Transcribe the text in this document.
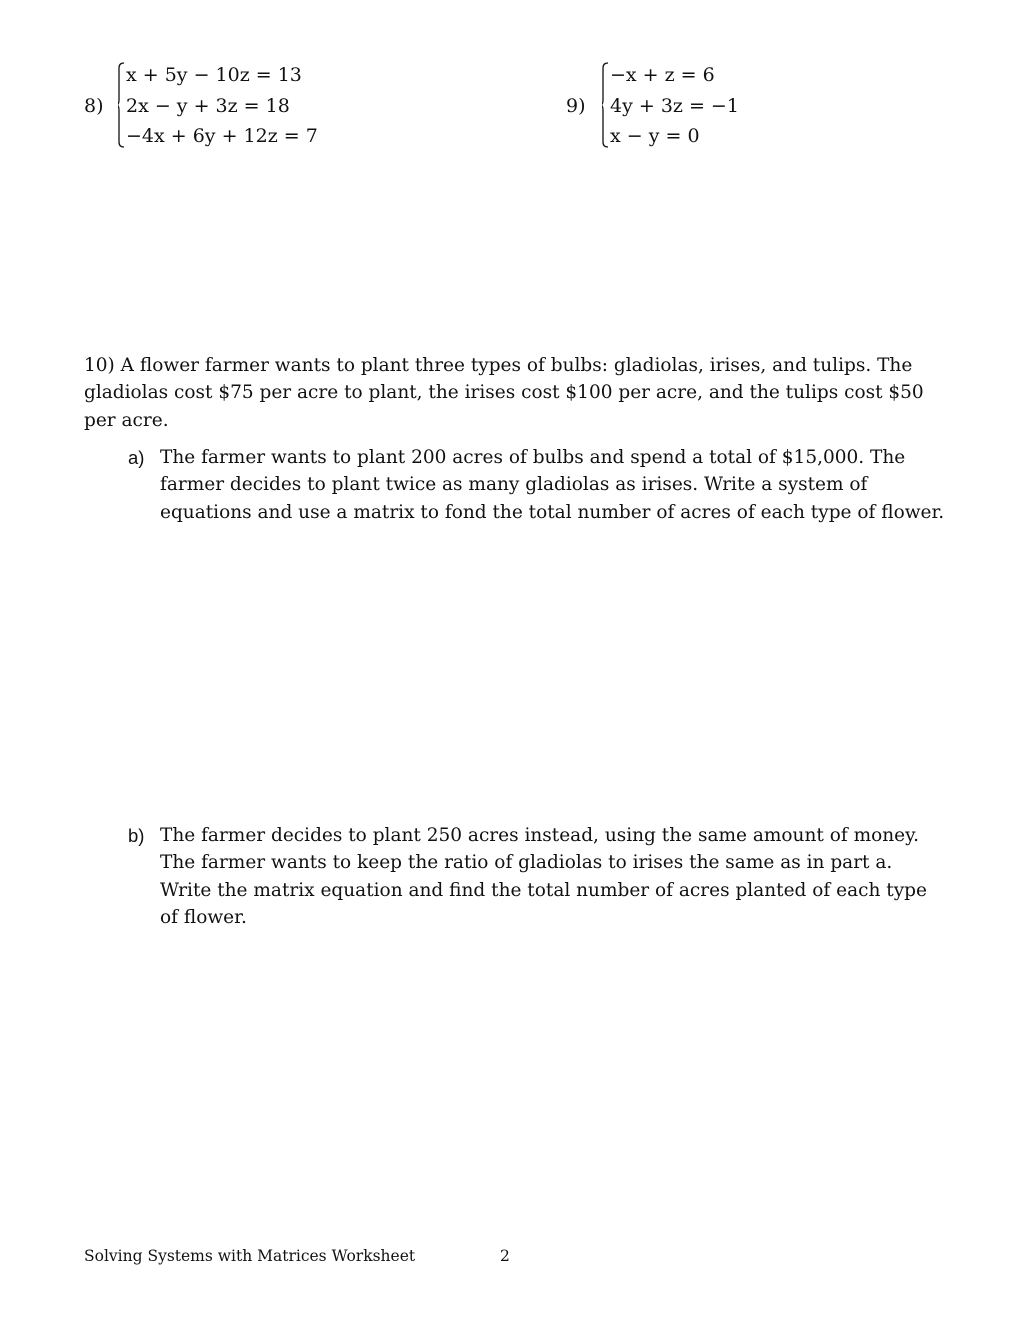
8)
x + 5y − 10z = 13
2x − y + 3z = 18
−4x + 6y + 12z = 7
9)
−x + z = 6
4y + 3z = −1
x − y = 0
10) A flower farmer wants to plant three types of bulbs: gladiolas, irises, and tulips. The gladiolas cost $75 per acre to plant, the irises cost $100 per acre, and the tulips cost $50 per acre.
a) The farmer wants to plant 200 acres of bulbs and spend a total of $15,000. The farmer decides to plant twice as many gladiolas as irises. Write a system of equations and use a matrix to fond the total number of acres of each type of flower.
b) The farmer decides to plant 250 acres instead, using the same amount of money. The farmer wants to keep the ratio of gladiolas to irises the same as in part a. Write the matrix equation and find the total number of acres planted of each type of flower.
Solving Systems with Matrices Worksheet	2
